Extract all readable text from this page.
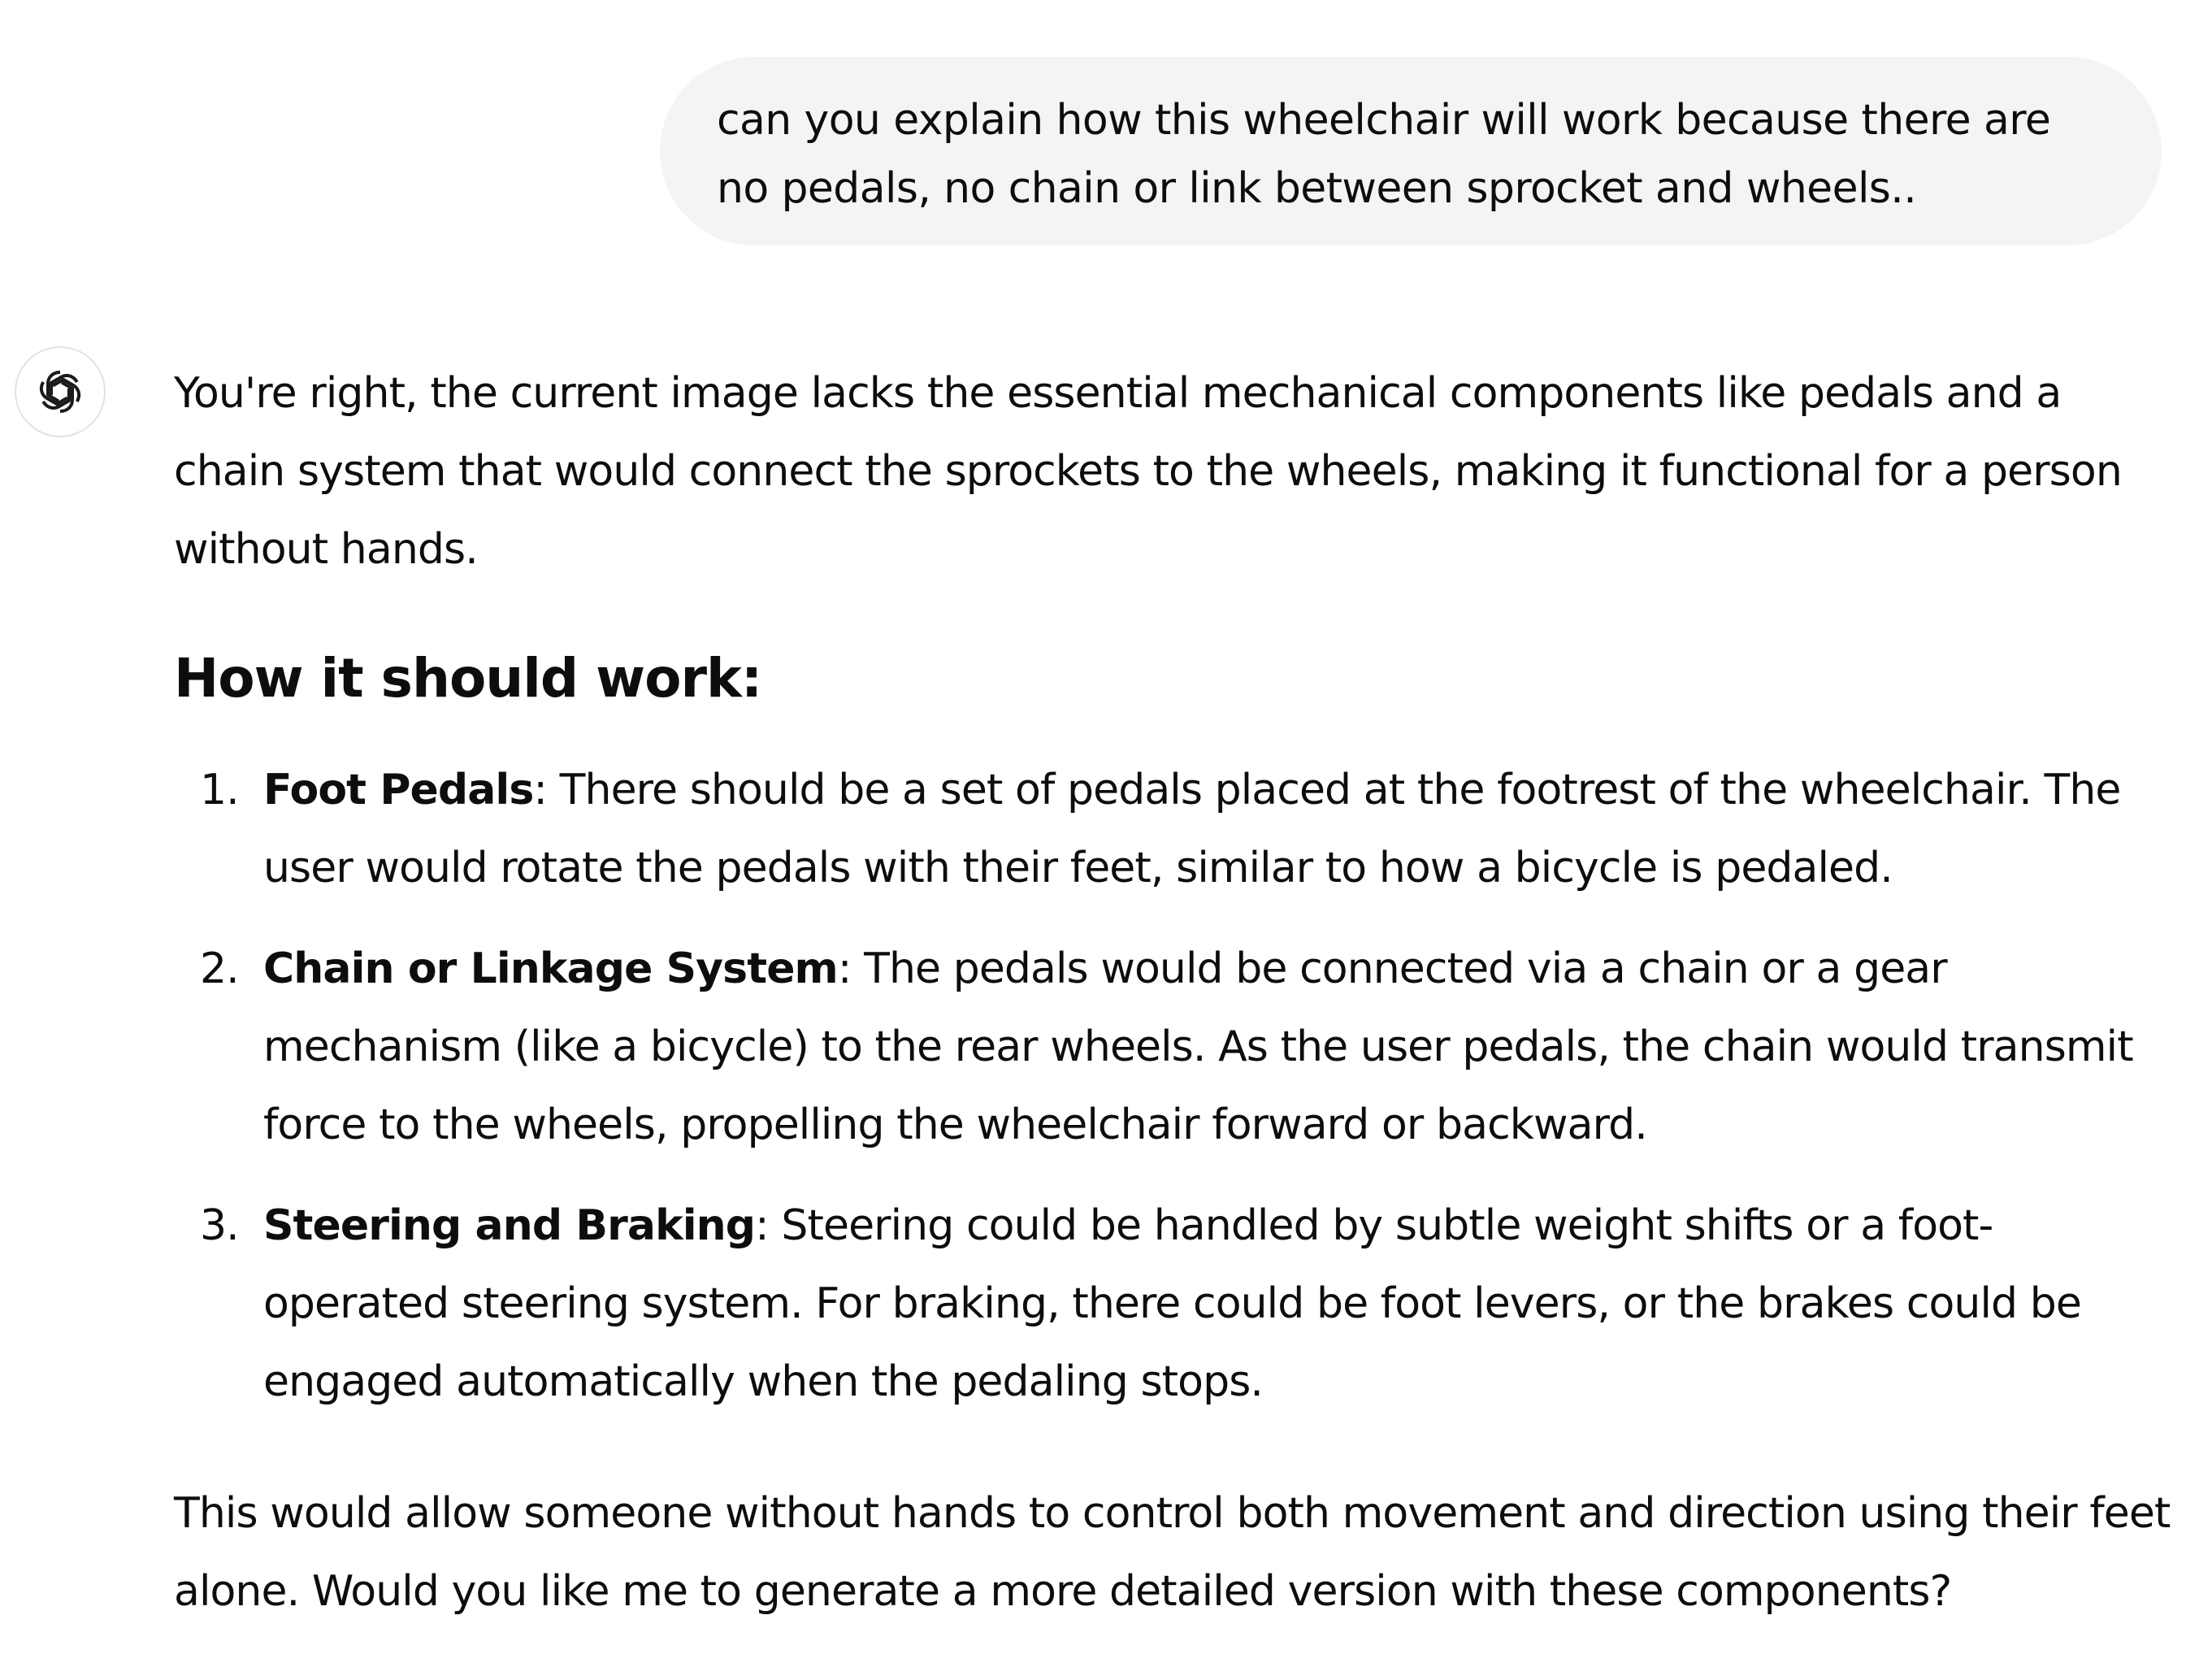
can you explain how this wheelchair will work because there are no pedals, no chain or link between sprocket and wheels..

You're right, the current image lacks the essential mechanical components like pedals and a chain system that would connect the sprockets to the wheels, making it functional for a person without hands.

How it should work:
1. Foot Pedals: There should be a set of pedals placed at the footrest of the wheelchair. The user would rotate the pedals with their feet, similar to how a bicycle is pedaled.
2. Chain or Linkage System: The pedals would be connected via a chain or a gear mechanism (like a bicycle) to the rear wheels. As the user pedals, the chain would transmit force to the wheels, propelling the wheelchair forward or backward.
3. Steering and Braking: Steering could be handled by subtle weight shifts or a foot-operated steering system. For braking, there could be foot levers, or the brakes could be engaged automatically when the pedaling stops.

This would allow someone without hands to control both movement and direction using their feet alone. Would you like me to generate a more detailed version with these components?
